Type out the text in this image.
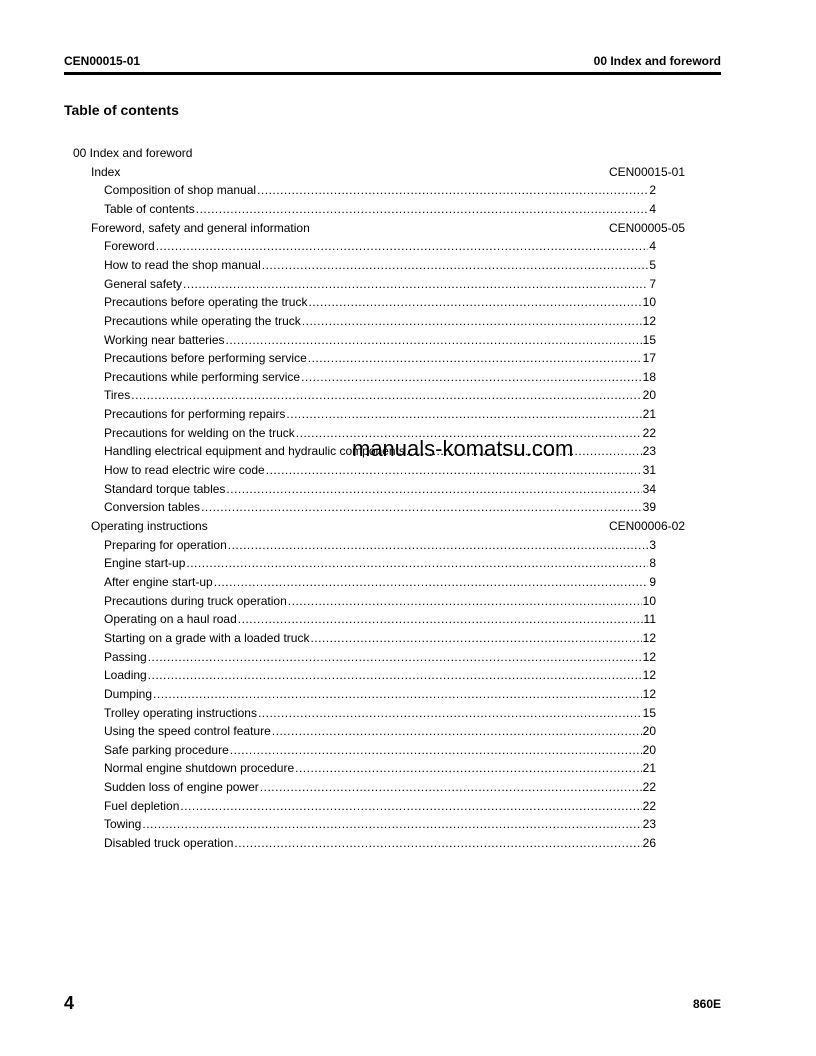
CEN00015-01	00 Index and foreword
Table of contents
00 Index and foreword
Index	CEN00015-01
Composition of shop manual .....	2
Table of contents .....	4
Foreword, safety and general information	CEN00005-05
Foreword .....	4
How to read the shop manual .....	5
General safety .....	7
Precautions before operating the truck .....	10
Precautions while operating the truck .....	12
Working near batteries .....	15
Precautions before performing service .....	17
Precautions while performing service .....	18
Tires .....	20
Precautions for performing repairs .....	21
Precautions for welding on the truck .....	22
Handling electrical equipment and hydraulic components .....	23
How to read electric wire code .....	31
Standard torque tables .....	34
Conversion tables .....	39
Operating instructions	CEN00006-02
Preparing for operation .....	3
Engine start-up .....	8
After engine start-up .....	9
Precautions during truck operation .....	10
Operating on a haul road .....	11
Starting on a grade with a loaded truck .....	12
Passing .....	12
Loading .....	12
Dumping .....	12
Trolley operating instructions .....	15
Using the speed control feature .....	20
Safe parking procedure .....	20
Normal engine shutdown procedure .....	21
Sudden loss of engine power .....	22
Fuel depletion .....	22
Towing .....	23
Disabled truck operation .....	26
manuals-komatsu.com
4	860E
